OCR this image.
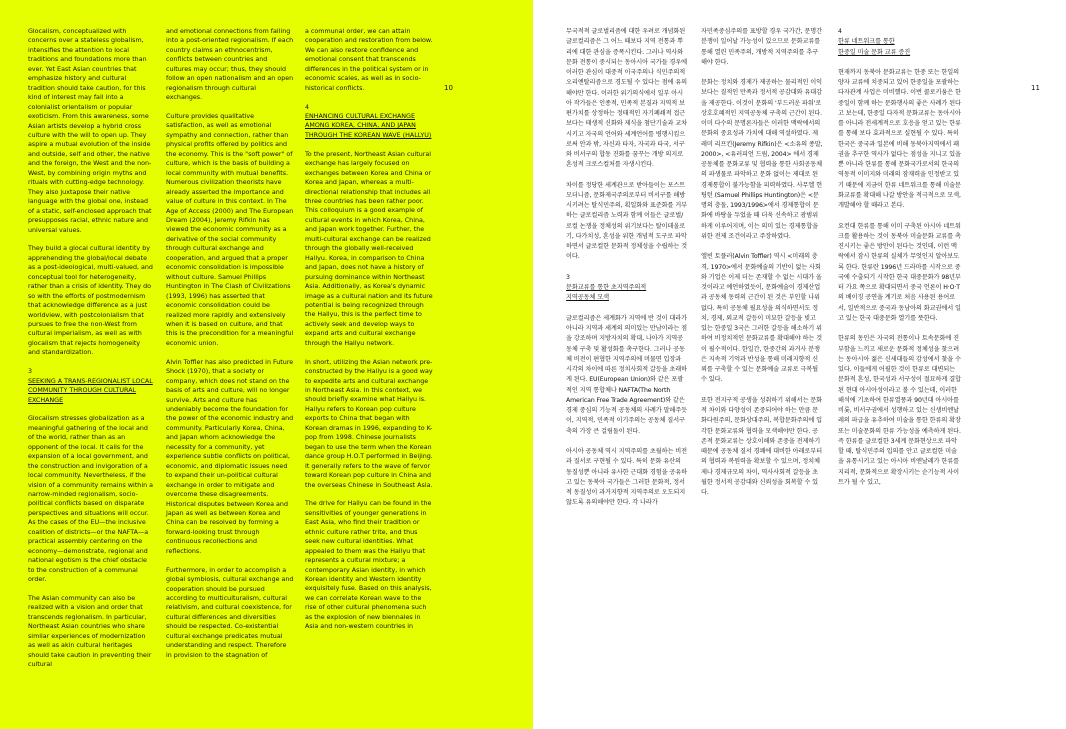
Glocalism, conceptualized with concerns over a stateless globalism, intensifies the attention to local traditions and foundations more than ever. Yet East Asian countries that emphasize history and cultural tradition should take caution, for this kind of interest may fall into a colonialist orientalism or popular exoticism. From this awareness, some Asian artists develop a hybrid cross culture with the will to open up. They aspire a mutual evolution of the inside and outside, self and other, the native and the foreign, the West and the non-West, by combining origin myths and rituals with cutting-edge technology. They also juxtapose their native language with the global one, instead of a static, self-enclosed approach that presupposes racial, ethnic nature and universal values.

They build a glocal cultural identity by apprehending the global/local debate as a post-ideological, multi-valued, and conceptual tool for heterogeneity, rather than a crisis of identity. They do so with the efforts of postmodernism that acknowledge difference as a just worldview, with postcolonialism that pursues to free the non-West from cultural imperialism, as well as with glocalism that rejects homogeneity and standardization.

3
SEEKING A TRANS-REGIONALIST LOCAL COMMUNITY THROUGH CULTURAL EXCHANGE

Glocalism stresses globalization as a meaningful gathering of the local and of the world, rather than as an opponent of the local. It calls for the expansion of a local government, and the construction and invigoration of a local community. Nevertheless, if the vision of a community remains within a narrow-minded regionalism, socio-political conflicts based on disparate perspectives and situations will occur. As the cases of the EU—the inclusive coalition of districts—or the NAFTA—a practical assembly centering on the economy—demonstrate, regional and national egotism is the chief obstacle to the construction of a communal order.

The Asian community can also be realized with a vision and order that transcends regionalism. In particular, Northeast Asian countries who share similar experiences of modernization as well as akin cultural heritages should take caution in preventing their cultural

and emotional connections from falling into a post-oriented regionalism. If each country claims an ethnocentrism, conflicts between countries and cultures may occur; thus, they should follow an open nationalism and an open regionalism through cultural exchanges.

Culture provides qualitative satisfaction, as well as emotional sympathy and connection, rather than physical profits offered by politics and the economy. This is the "soft power" of culture, which is the basis of building a local community with mutual benefits. Numerous civilization theorists have already asserted the importance and value of culture in this context. In The Age of Access (2000) and The European Dream (2004), Jeremy Rifkin has viewed the economic community as a derivative of the social community through cultural exchange and cooperation, and argued that a proper economic consolidation is impossible without culture. Samuel Phillips Huntington in The Clash of Civilizations (1993, 1996) has asserted that economic consolidation could be realized more rapidly and extensively when it is based on culture, and that this is the precondition for a meaningful economic union.

Alvin Toffler has also predicted in Future Shock (1970), that a society or company, which does not stand on the basis of arts and culture, will no longer survive. Arts and culture has undeniably become the foundation for the power of the economic industry and community. Particularly Korea, China, and Japan whom acknowledge the necessity for a community, yet experience subtle conflicts on political, economic, and diplomatic issues need to expand their un-political cultural exchange in order to mitigate and overcome these disagreements. Historical disputes between Korea and Japan as well as between Korea and China can be resolved by forming a forward-looking trust through continuous recollections and reflections.

Furthermore, in order to accomplish a global symbiosis, cultural exchange and cooperation should be pursued according to multiculturalism, cultural relativism, and cultural coexistence, for cultural differences and diversities should be respected. Co-existential cultural exchange predicates mutual understanding and respect. Therefore in provision to the stagnation of

a communal order, we can attain cooperation and restoration from below. We can also restore confidence and emotional consent that transcends differences in the political system or in economic scales, as well as in socio-historical conflicts.

4
ENHANCING CULTURAL EXCHANGE AMONG KOREA, CHINA, AND JAPAN THROUGH THE KOREAN WAVE (HALLYU)

To the present, Northeast Asian cultural exchange has largely focused on exchanges between Korea and China or Korea and Japan, whereas a multi-directional relationship that includes all three countries has been rather poor. This colloquium is a good example of cultural events in which Korea, China, and Japan work together. Further, the multi-cultural exchange can be realized through the globally well-received Hallyu. Korea, in comparison to China and Japan, does not have a history of pursuing dominance within Northeast Asia. Additionally, as Korea's dynamic image as a cultural nation and its future potential is being recognized through the Hallyu, this is the perfect time to actively seek and develop ways to expand arts and cultural exchange through the Hallyu network.

In short, utilizing the Asian network pre-constructed by the Hallyu is a good way to expedite arts and cultural exchange in Northeast Asia. In this context, we should briefly examine what Hallyu is. Hallyu refers to Korean pop culture exports to China that began with Korean dramas in 1996, expanding to K-pop from 1998. Chinese journalists began to use the term when the Korean dance group H.O.T performed in Beijing. It generally refers to the wave of fervor toward Korean pop culture in China and the overseas Chinese in Southeast Asia.

The drive for Hallyu can be found in the sensitivities of younger generations in East Asia, who find their tradition or ethnic culture rather trite, and thus seek new cultural identities. What appealed to them was the Hallyu that represents a cultural mixture; a contemporary Asian identity, in which Korean identity and Western identity exquisitely fuse. Based on this analysis, we can correlate Korean wave to the rise of other cultural phenomena such as the explosion of new biennales in Asia and non-western countries in

10

무국적적 글로벌리즘에 대한 우려로 개념화된 글로컬리즘은 그 어느 때보다 지역 전통과 뿌리에 대한 관심을 증폭시킨다. 그러나 역사와 문화 전통이 중시되는 동아시아 국가들 경우에 이러한 관심이 대중적 이국주의나 식민주의적 오리엔탈리즘으로 경도될 수 있다는 점에 유의해야만 한다. 이러한 위기의식에서 일부 아시아 작가들은 인종적, 민족적 본질과 지역적 보편가치를 상정하는 정태적인 자기폐쇄적 접근보다는 태생적 신화와 제식을 첨단기술과 교차시키고 자국의 언어와 세계언어를 병행시킴으로써 안과 밖, 자신과 타자, 자국과 타국, 서구와 비서구의 합동 진화를 꿈꾸는 개방 의지로 혼성적 크로스컬처를 자생시킨다.

차이를 정당한 세계관으로 받아들이는 포스트모더니즘, 문화제국주의로부터 비서구를 해방시키려는 탈식민주의, 획일화와 표준화를 거부하는 글로컬리즘 노력과 함께 이들은 글로벌/로컬 논쟁을 정체성의 위기보다는 탈이데올로기, 다가치성, 혼성을 위한 개념적 도구로 파악하면서 글로컬한 문화적 정체성을 수립하는 것이다.

3
문화교류를 통한 초지역주의적
지역공동체 모색

글로컬리즘은 세계화가 지역에 반 것이 대라가 아니라 지역과 세계의 의미있는 만남이라는 점을 강조하며 지방자치의 확대, 나아가 지역공동체 구축 및 활성화를 촉구한다. 그러나 공동체 비전이 편협한 지역주의에 머물면 입장과 시각의 차이에 따른 정치사회적 갈등을 초래하게 된다. EU(European Union)와 같은 포괄적인 지역 통합체나 NAFTA(The North American Free Trade Agreement)와 같은 경제 중심의 기능적 공동체의 사례가 말해주듯이, 지역적, 민족적 이기주의는 공동체 질서구축의 가장 큰 걸림돌이 된다.

아시아 공동체 역시 지역주의를 초월하는 비전과 질서로 구현될 수 있다. 특히 문화 유산의 동질성뿐 아니라 유사한 근대화 경험을 공유하고 있는 동북아 국가들은 그러한 문화적, 정서적 동질성이 과거지향적 지역주의로 오도되지 않도록 유의해야만 한다. 각 나라가

자민족중심주의를 표방할 경우 국가간, 문명간 분쟁이 일어날 가능성이 있으므로 문화교류를 통해 열린 민족주의, 개방적 지역주의를 추구해야 한다.

문화는 정치와 경제가 제공하는 물리적인 이익보다는 질적인 만족과 정서적 공감대와 유대감을 제공한다. 이것이 문화의 '부드러운 파워'로 상호호혜적인 지역공동체 구축의 근간이 된다. 이미 다수의 문명론자들은 이러한 맥락에서의 문화의 중요성과 가치에 대해 역설하였다. 제레미 리프킨(Jeremy Rifkin)은 <소유의 종말, 2000>, <유러피언 드림, 2004> 에서 경제공동체를 문화교류 및 협력을 통한 사회공동체의 파생물로 파악하고 문화 없이는 제대로 된 경제통합이 불가능함을 피력하였다. 사무엘 헌팅턴 (Samuel Phillips Huntington)은 <문명의 충돌, 1993/1996>에서 경제통합이 문화에 바탕을 두었을 때 더욱 신속하고 광범위하게 이루어지며, 이는 의미 있는 경제통합을 위한 전제 조건이라고 주장하였다.

앨빈 토플러(Alvin Toffler) 역시 <미래의 충격, 1970>에서 문화예술의 기반이 없는 사회와 기업은 이제 더는 존재할 수 없는 시대가 올 것이라고 예언하였듯이, 문화예술이 경제산업과 공동체 동력의 근간이 된 것은 부인할 나위 없다. 특히 공동체 필요성을 의식하면서도 정치, 경제, 외교적 갈등이 미묘한 갈등을 빚고 있는 한중일 3국은 그러한 갈등을 해소하기 위하여 비정치적인 문화교류를 확대해야 하는 것이 필수적이다. 한일간, 한중간의 과거사 분쟁은 지속적 기억과 반성을 통해 미래지향적 신뢰를 구축할 수 있는 문화예술 교류로 극복될 수 있다.

또한 전지구적 공생을 성취하기 위해서는 문화적 차이와 다양성이 존중되어야 하는 만큼 문화다원주의, 문화상대주의, 복합문화주의에 입각한 문화교류와 협력을 모색해야만 한다. 공존적 문화교류는 상호이해와 존중을 전제하기 때문에 공동체 질서 경쾌에 대비한 아래로부터의 협력과 복원력을 확보할 수 있으며, 정치체제나 경제규모의 차이, 역사사회적 갈등을 초월한 정서적 공감대와 신뢰성을 회복할 수 있다.

4
한류 네트워크를 통한
한중일 미술 문화 교류 증진

현재까지 동북아 문화교류는 한중 또는 한일의 양자 교류에 치중되고 있어 한중일을 포괄하는 다자관계 사업은 미비했다. 이번 콜로키움은 한중일이 함께 하는 문화행사의 좋은 사례가 된다고 보는데, 한중일 다자적 문화교류는 동아시아를 아니라 전세계적으로 호응을 얻고 있는 한류를 통해 보다 효과적으로 실현될 수 있다. 특히 한국은 중국과 일본에 비해 동북아지역에서 패권을 추구한 역사가 없다는 점성을 지니고 있을 뿐 아니라 한류를 통해 문화국가로서의 한국의 역동적 이미지와 미래의 잠재력을 인정받고 있기 때문에 지금이 한류 네트워크를 통해 미술문화교류를 확대해 나갈 방안을 적극적으로 모색, 개발해야 할 때라고 본다.

요컨대 한류를 통해 이미 구축된 아시아 네트워크를 활용하는 것이 동북아 미술문화 교류를 촉진시키는 좋은 방안이 된다는 것인데, 이런 맥락에서 잠시 한류의 실체가 무엇인지 알아보도록 한다. 한류란 1996년 드라마를 시작으로 중국에 수출되기 시작한 한국 대중문화가 98년부터 가요 쪽으로 확대되면서 중국 언론이 H·O·T의 베이징 공연을 계기로 처음 사용된 용어로서, 일반적으로 중국과 동남아의 화교권에서 일고 있는 한국 대중문화 열기를 뜻한다.

한류의 동인은 자국의 전통이나 토속문화에 진부함을 느끼고 새로운 문화적 정체성을 찾으려는 동아시아 젊은 신세대들의 감성에서 찾을 수 있다. 이들에게 어필한 것이 한류로 대변되는 문화적 혼성, 한국성과 서구성이 절묘하게 결합된 현대 아시아성이라고 볼 수 있는데, 이러한 해석에 기초하여 한류열풍과 90년대 아시아를 비롯, 비서구권에서 성행하고 있는 신생비엔날레의 파급을 유추하여 미술을 통한 한류의 확장 또는 미술문화의 한류 가능성을 예측하게 된다. 즉 한류를 글로컬한 3세계 문화현상으로 파악할 때, 탈식민주의 입의를 안고 글로컬한 미술을 유통시키고 있는 아시아 비엔날레가 한류를 지리적, 문화적으로 확장시키는 순기능적 사이트가 될 수 있고,

11
